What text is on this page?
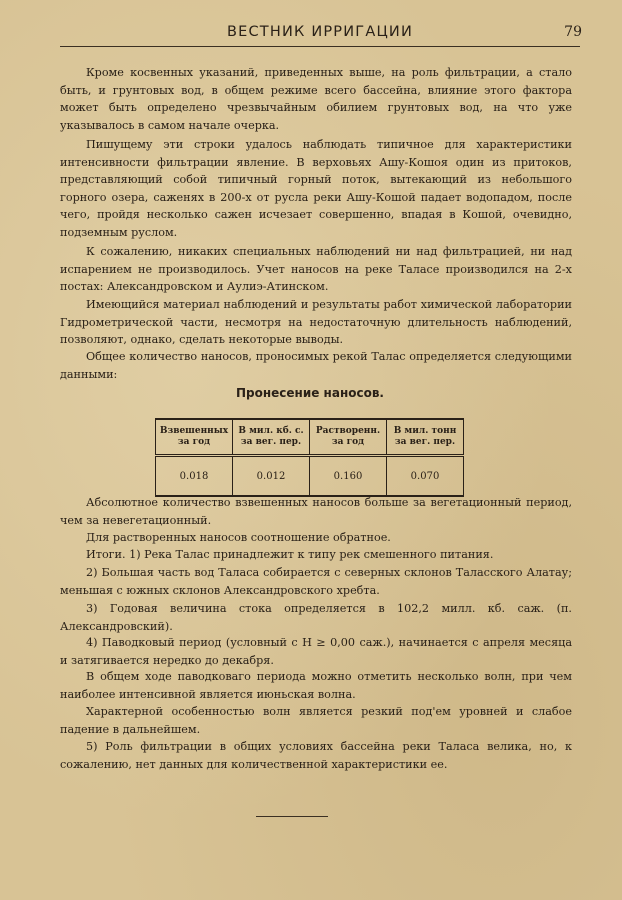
ВЕСТНИК ИРРИГАЦИИ	79
Кроме косвенных указаний, приведенных выше, на роль фильтрации, а стало быть, и грунтовых вод, в общем режиме всего бассейна, влияние этого фактора может быть определено чрезвычайным обилием грунтовых вод, на что уже указывалось в самом начале очерка.
Пишущему эти строки удалось наблюдать типичное для характеристики интенсивности фильтрации явление. В верховьях Ашу-Кошоя один из притоков, представляющий собой типичный горный поток, вытекающий из небольшого горного озера, саженях в 200-х от русла реки Ашу-Кошой падает водопадом, после чего, пройдя несколько сажен исчезает совершенно, впадая в Кошой, очевидно, подземным руслом.
К сожалению, никаких специальных наблюдений ни над фильтрацией, ни над испарением не производилось. Учет наносов на реке Таласе производился на 2-х постах: Александровском и Аулиэ-Атинском.
Имеющийся материал наблюдений и результаты работ химической лаборатории Гидрометрической части, несмотря на недостаточную длительность наблюдений, позволяют, однако, сделать некоторые выводы.
Общее количество наносов, проносимых рекой Талас определяется следующими данными:
Пронесение наносов.
Взвешенных за год	В мил. кб. с. за вег. пер.	Растворенн. за год	В мил. тонн за вег. пер.
0.018	0.012	0.160	0.070
Абсолютное количество взвешенных наносов больше за вегетационный период, чем за невегетационный.
Для растворенных наносов соотношение обратное.
Итоги. 1) Река Талас принадлежит к типу рек смешенного питания.
2) Большая часть вод Таласа собирается с северных склонов Таласского Алатау; меньшая с южных склонов Александровского хребта.
3) Годовая величина стока определяется в 102,2 милл. кб. саж. (п. Александровский).
4) Паводковый период (условный с H ≥ 0,00 саж.), начинается с апреля месяца и затягивается нередко до декабря.
В общем ходе паводковаго периода можно отметить несколько волн, при чем наиболее интенсивной является июньская волна.
Характерной особенностью волн является резкий под'ем уровней и слабое падение в дальнейшем.
5) Роль фильтрации в общих условиях бассейна реки Таласа велика, но, к сожалению, нет данных для количественной характеристики ее.
